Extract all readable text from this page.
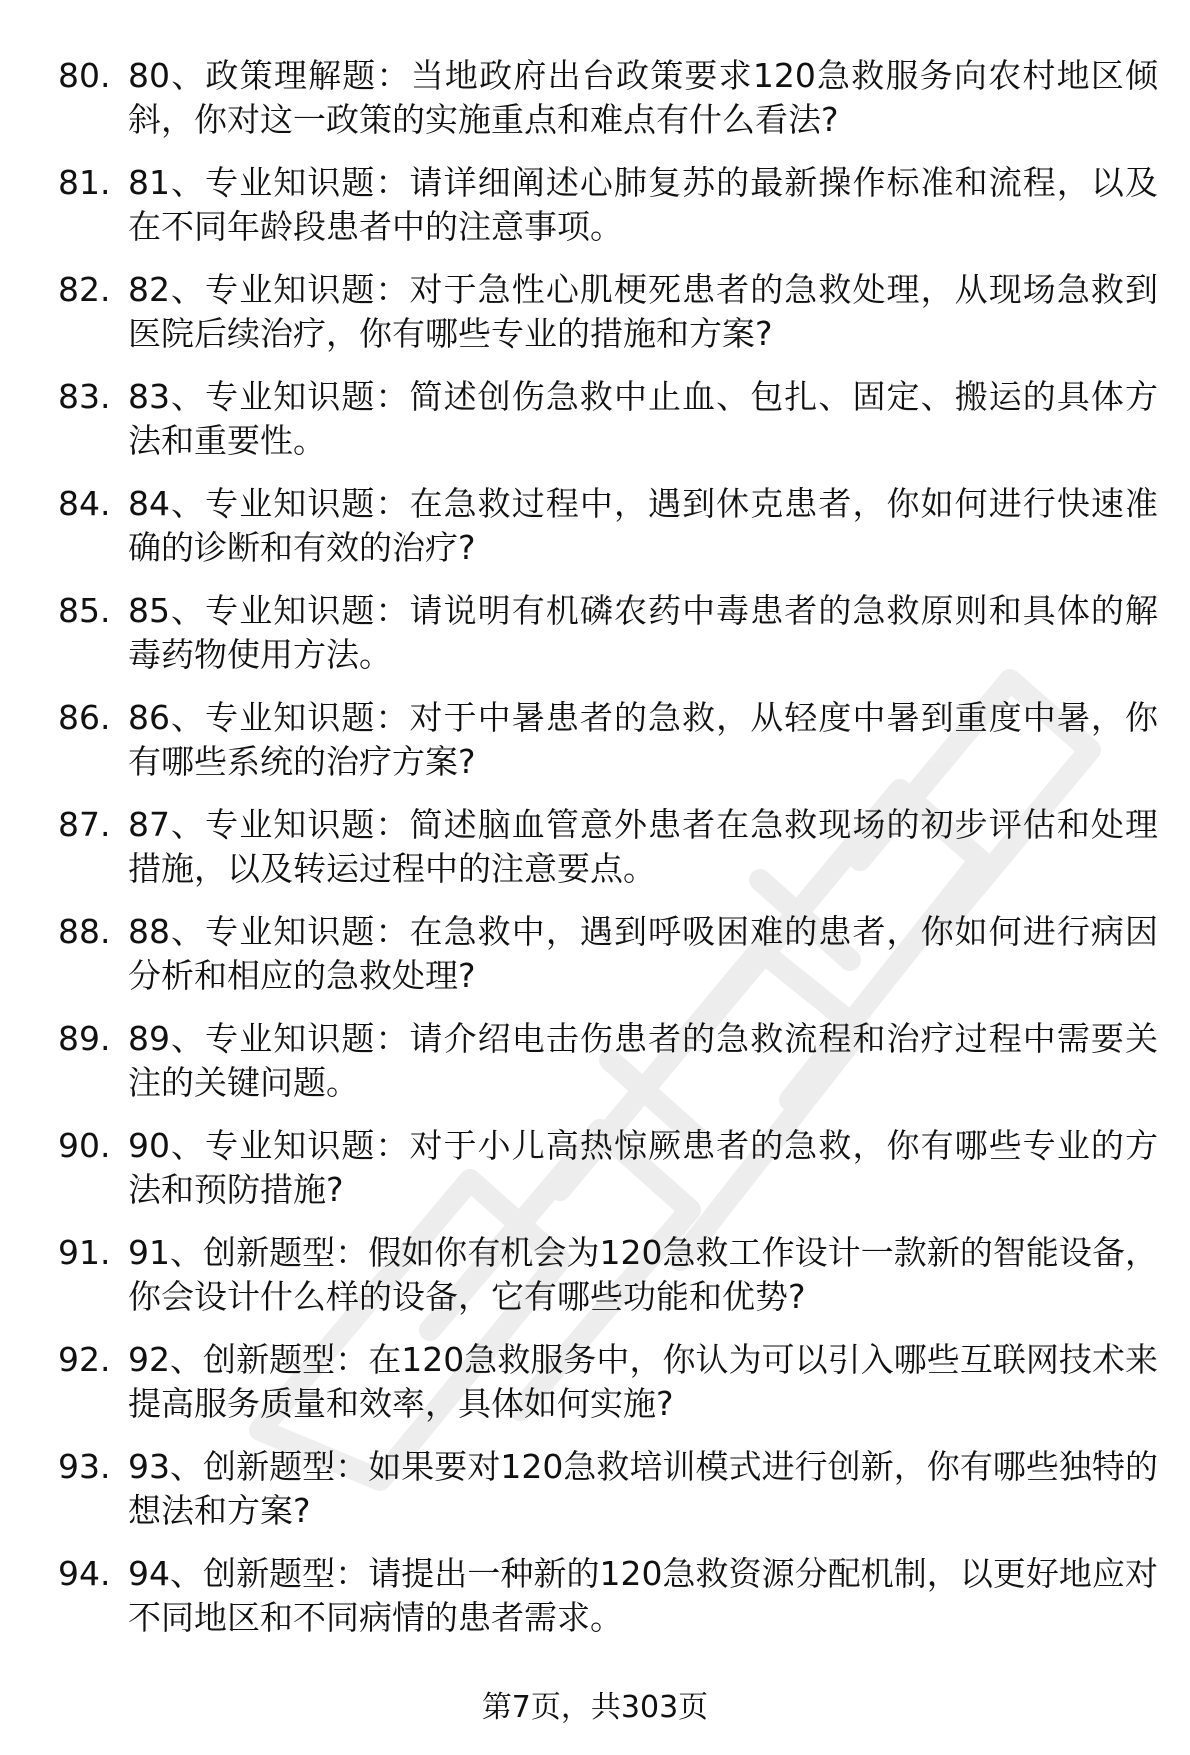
80. 80、政策理解题：当地政府出台政策要求120急救服务向农村地区倾斜，你对这一政策的实施重点和难点有什么看法?
81. 81、专业知识题：请详细阐述心肺复苏的最新操作标准和流程，以及在不同年龄段患者中的注意事项。
82. 82、专业知识题：对于急性心肌梗死患者的急救处理，从现场急救到医院后续治疗，你有哪些专业的措施和方案?
83. 83、专业知识题：简述创伤急救中止血、包扎、固定、搬运的具体方法和重要性。
84. 84、专业知识题：在急救过程中，遇到休克患者，你如何进行快速准确的诊断和有效的治疗?
85. 85、专业知识题：请说明有机磷农药中毒患者的急救原则和具体的解毒药物使用方法。
86. 86、专业知识题：对于中暑患者的急救，从轻度中暑到重度中暑，你有哪些系统的治疗方案?
87. 87、专业知识题：简述脑血管意外患者在急救现场的初步评估和处理措施，以及转运过程中的注意要点。
88. 88、专业知识题：在急救中，遇到呼吸困难的患者，你如何进行病因分析和相应的急救处理?
89. 89、专业知识题：请介绍电击伤患者的急救流程和治疗过程中需要关注的关键问题。
90. 90、专业知识题：对于小儿高热惊厥患者的急救，你有哪些专业的方法和预防措施?
91. 91、创新题型：假如你有机会为120急救工作设计一款新的智能设备，你会设计什么样的设备，它有哪些功能和优势?
92. 92、创新题型：在120急救服务中，你认为可以引入哪些互联网技术来提高服务质量和效率，具体如何实施?
93. 93、创新题型：如果要对120急救培训模式进行创新，你有哪些独特的想法和方案?
94. 94、创新题型：请提出一种新的120急救资源分配机制，以更好地应对不同地区和不同病情的患者需求。
第7页，共303页
